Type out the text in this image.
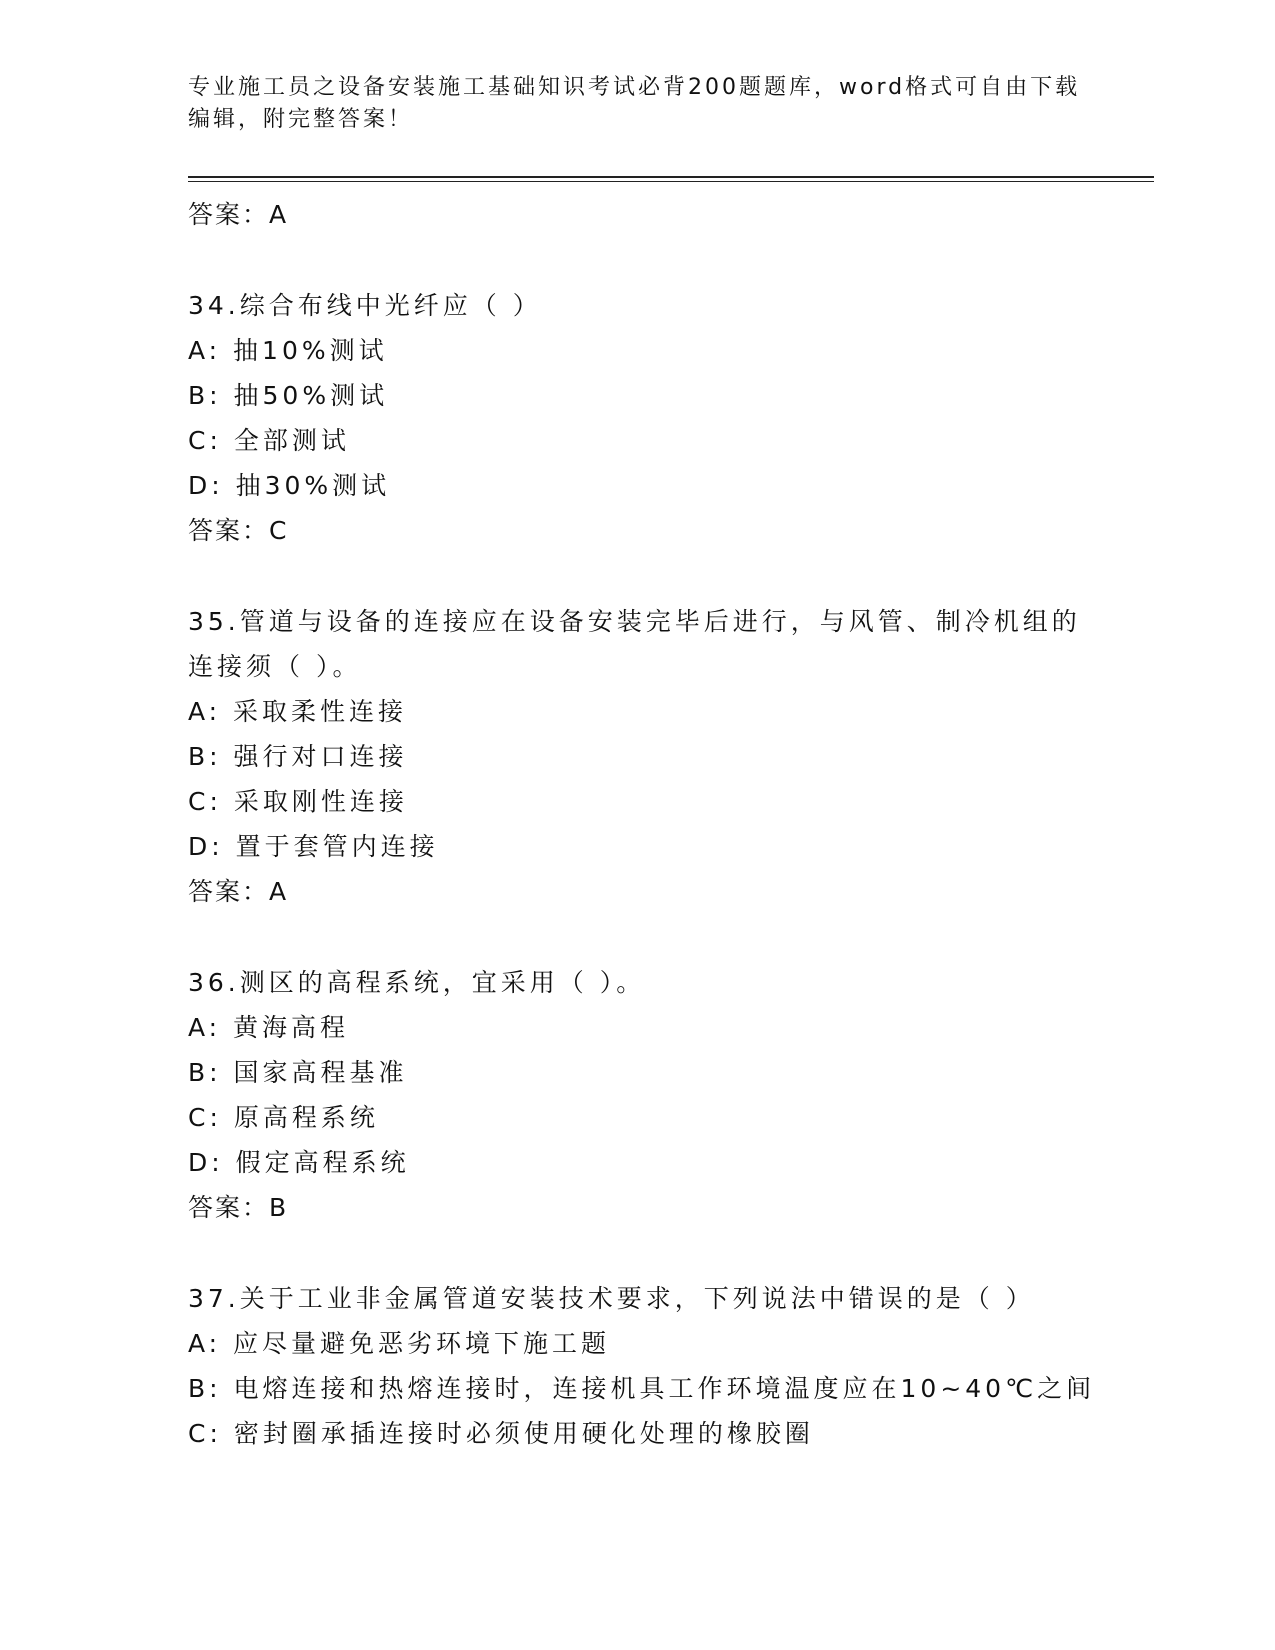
专业施工员之设备安装施工基础知识考试必背200题题库，word格式可自由下载
编辑，附完整答案！
答案：A
34.综合布线中光纤应（ ）
A: 抽10%测试
B: 抽50%测试
C: 全部测试
D: 抽30%测试
答案：C
35.管道与设备的连接应在设备安装完毕后进行，与风管、制冷机组的
连接须（ ）。
A: 采取柔性连接
B: 强行对口连接
C: 采取刚性连接
D: 置于套管内连接
答案：A
36.测区的高程系统，宜采用（ ）。
A: 黄海高程
B: 国家高程基准
C: 原高程系统
D: 假定高程系统
答案：B
37.关于工业非金属管道安装技术要求，下列说法中错误的是（ ）
A: 应尽量避免恶劣环境下施工题
B: 电熔连接和热熔连接时，连接机具工作环境温度应在10~40℃之间
C: 密封圈承插连接时必须使用硬化处理的橡胶圈
